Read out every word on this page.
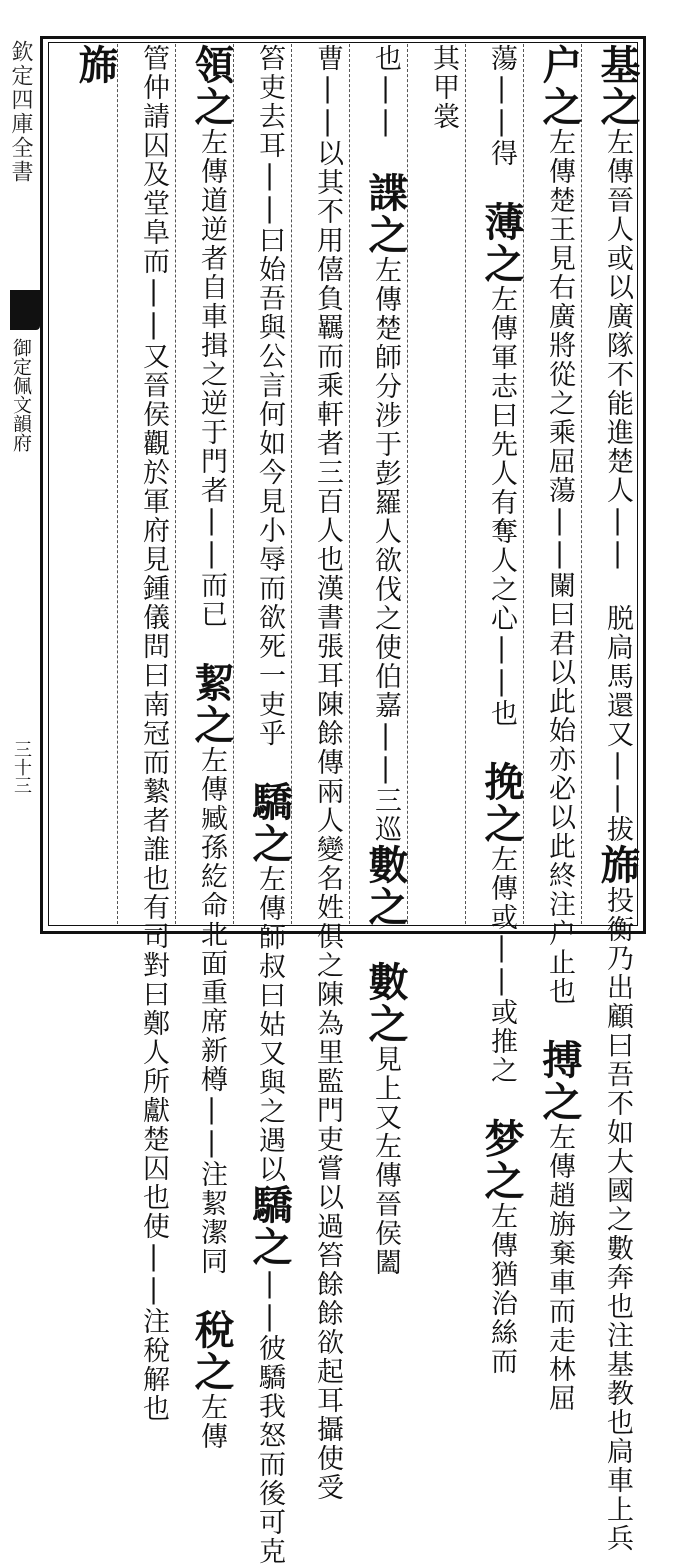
欽定四庫全書
御定佩文韻府
三十三
基之左傳晉人或以廣隊不能進楚人|| 脱扃馬還又||拔旆投衡乃出顧曰吾不如大國之數奔也注基教也扃車上兵
户之左傳楚王見右廣將從之乘屈蕩||闌曰君以此始亦必以此終注户止也 搏之左傳趙旃棄車而走林屈
蕩||得 薄之左傳軍志曰先人有奪人之心||也 挽之左傳或||或推之 梦之左傳猶治絲而
其甲裳
也|| 諜之左傳楚師分涉于彭羅人欲伐之使伯嘉||三巡數之 數之見上又左傳晉侯闔
曹||以其不用僖負羈而乘軒者三百人也漢書張耳陳餘傳兩人變名姓俱之陳為里監門吏嘗以過笞餘餘欲起耳攝使受
笞吏去耳||曰始吾與公言何如今見小辱而欲死一吏乎 驕之左傳師叔曰姑又與之遇以驕之||彼驕我怒而後可克
領之左傳道逆者自車揖之逆于門者||而已 絜之左傳臧孫紇命北面重席新樽||注絜潔同 稅之左傳
管仲請囚及堂阜而||又晉侯觀於軍府見鍾儀問曰南冠而縶者誰也有司對曰鄭人所獻楚囚也使||注稅解也
旆
